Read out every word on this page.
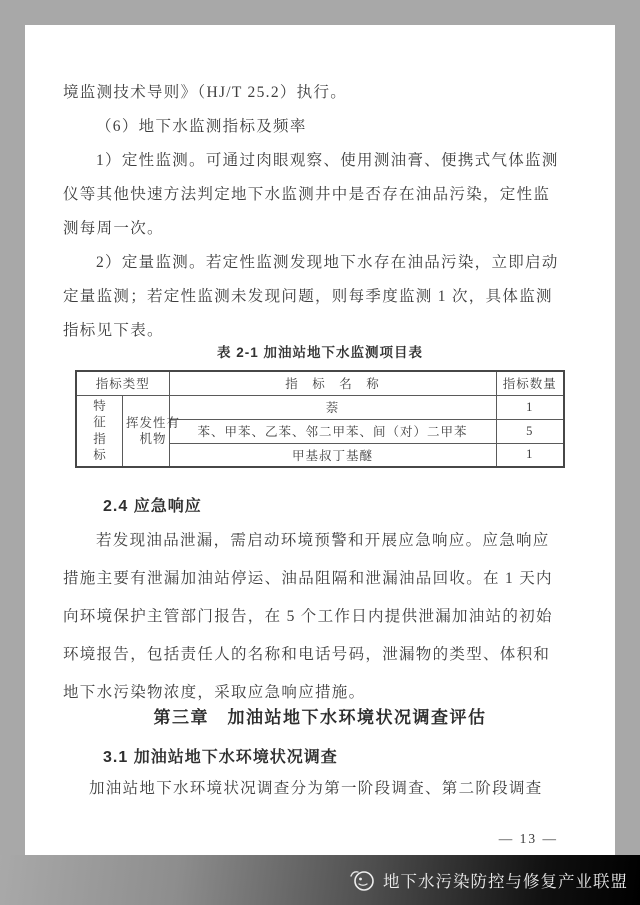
境监测技术导则》（HJ/T 25.2）执行。
（6）地下水监测指标及频率
1）定性监测。可通过肉眼观察、使用测油膏、便携式气体监测
仪等其他快速方法判定地下水监测井中是否存在油品污染，定性监
测每周一次。
2）定量监测。若定性监测发现地下水存在油品污染，立即启动
定量监测；若定性监测未发现问题，则每季度监测 1 次，具体监测
指标见下表。
表 2-1 加油站地下水监测项目表
指标类型		指　标　名　称	指标数量

特征指标	挥发性有机物	萘	1
		苯、甲苯、乙苯、邻二甲苯、间（对）二甲苯	5
		甲基叔丁基醚	1
2.4 应急响应
若发现油品泄漏，需启动环境预警和开展应急响应。应急响应
措施主要有泄漏加油站停运、油品阻隔和泄漏油品回收。在 1 天内
向环境保护主管部门报告，在 5 个工作日内提供泄漏加油站的初始
环境报告，包括责任人的名称和电话号码，泄漏物的类型、体积和
地下水污染物浓度，采取应急响应措施。
第三章　加油站地下水环境状况调查评估
3.1 加油站地下水环境状况调查
加油站地下水环境状况调查分为第一阶段调查、第二阶段调查
— 13 —
地下水污染防控与修复产业联盟
